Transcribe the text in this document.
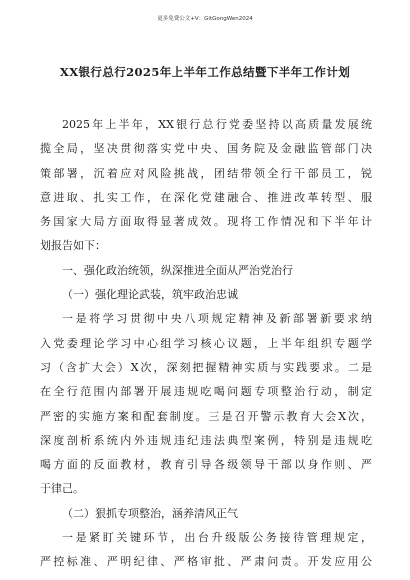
更多免费公文+V：GitGongWen2024
XX银行总行2025年上半年工作总结暨下半年工作计划
2025年上半年，XX银行总行党委坚持以高质量发展统
揽全局，坚决贯彻落实党中央、国务院及金融监管部门决
策部署，沉着应对风险挑战，团结带领全行干部员工，锐
意进取、扎实工作，在深化党建融合、推进改革转型、服
务国家大局方面取得显著成效。现将工作情况和下半年计
划报告如下：
一、强化政治统领，纵深推进全面从严治党治行
（一）强化理论武装，筑牢政治忠诚
一是将学习贯彻中央八项规定精神及新部署新要求纳
入党委理论学习中心组学习核心议题，上半年组织专题学
习（含扩大会）X次，深刻把握精神实质与实践要求。二是
在全行范围内部署开展违规吃喝问题专项整治行动，制定
严密的实施方案和配套制度。三是召开警示教育大会X次，
深度剖析系统内外违规违纪违法典型案例，特别是违规吃
喝方面的反面教材，教育引导各级领导干部以身作则、严
于律己。
（二）狠抓专项整治，涵养清风正气
一是紧盯关键环节，出台升级版公务接待管理规定，
严控标准、严明纪律、严格审批、严肃问责。开发应用公
